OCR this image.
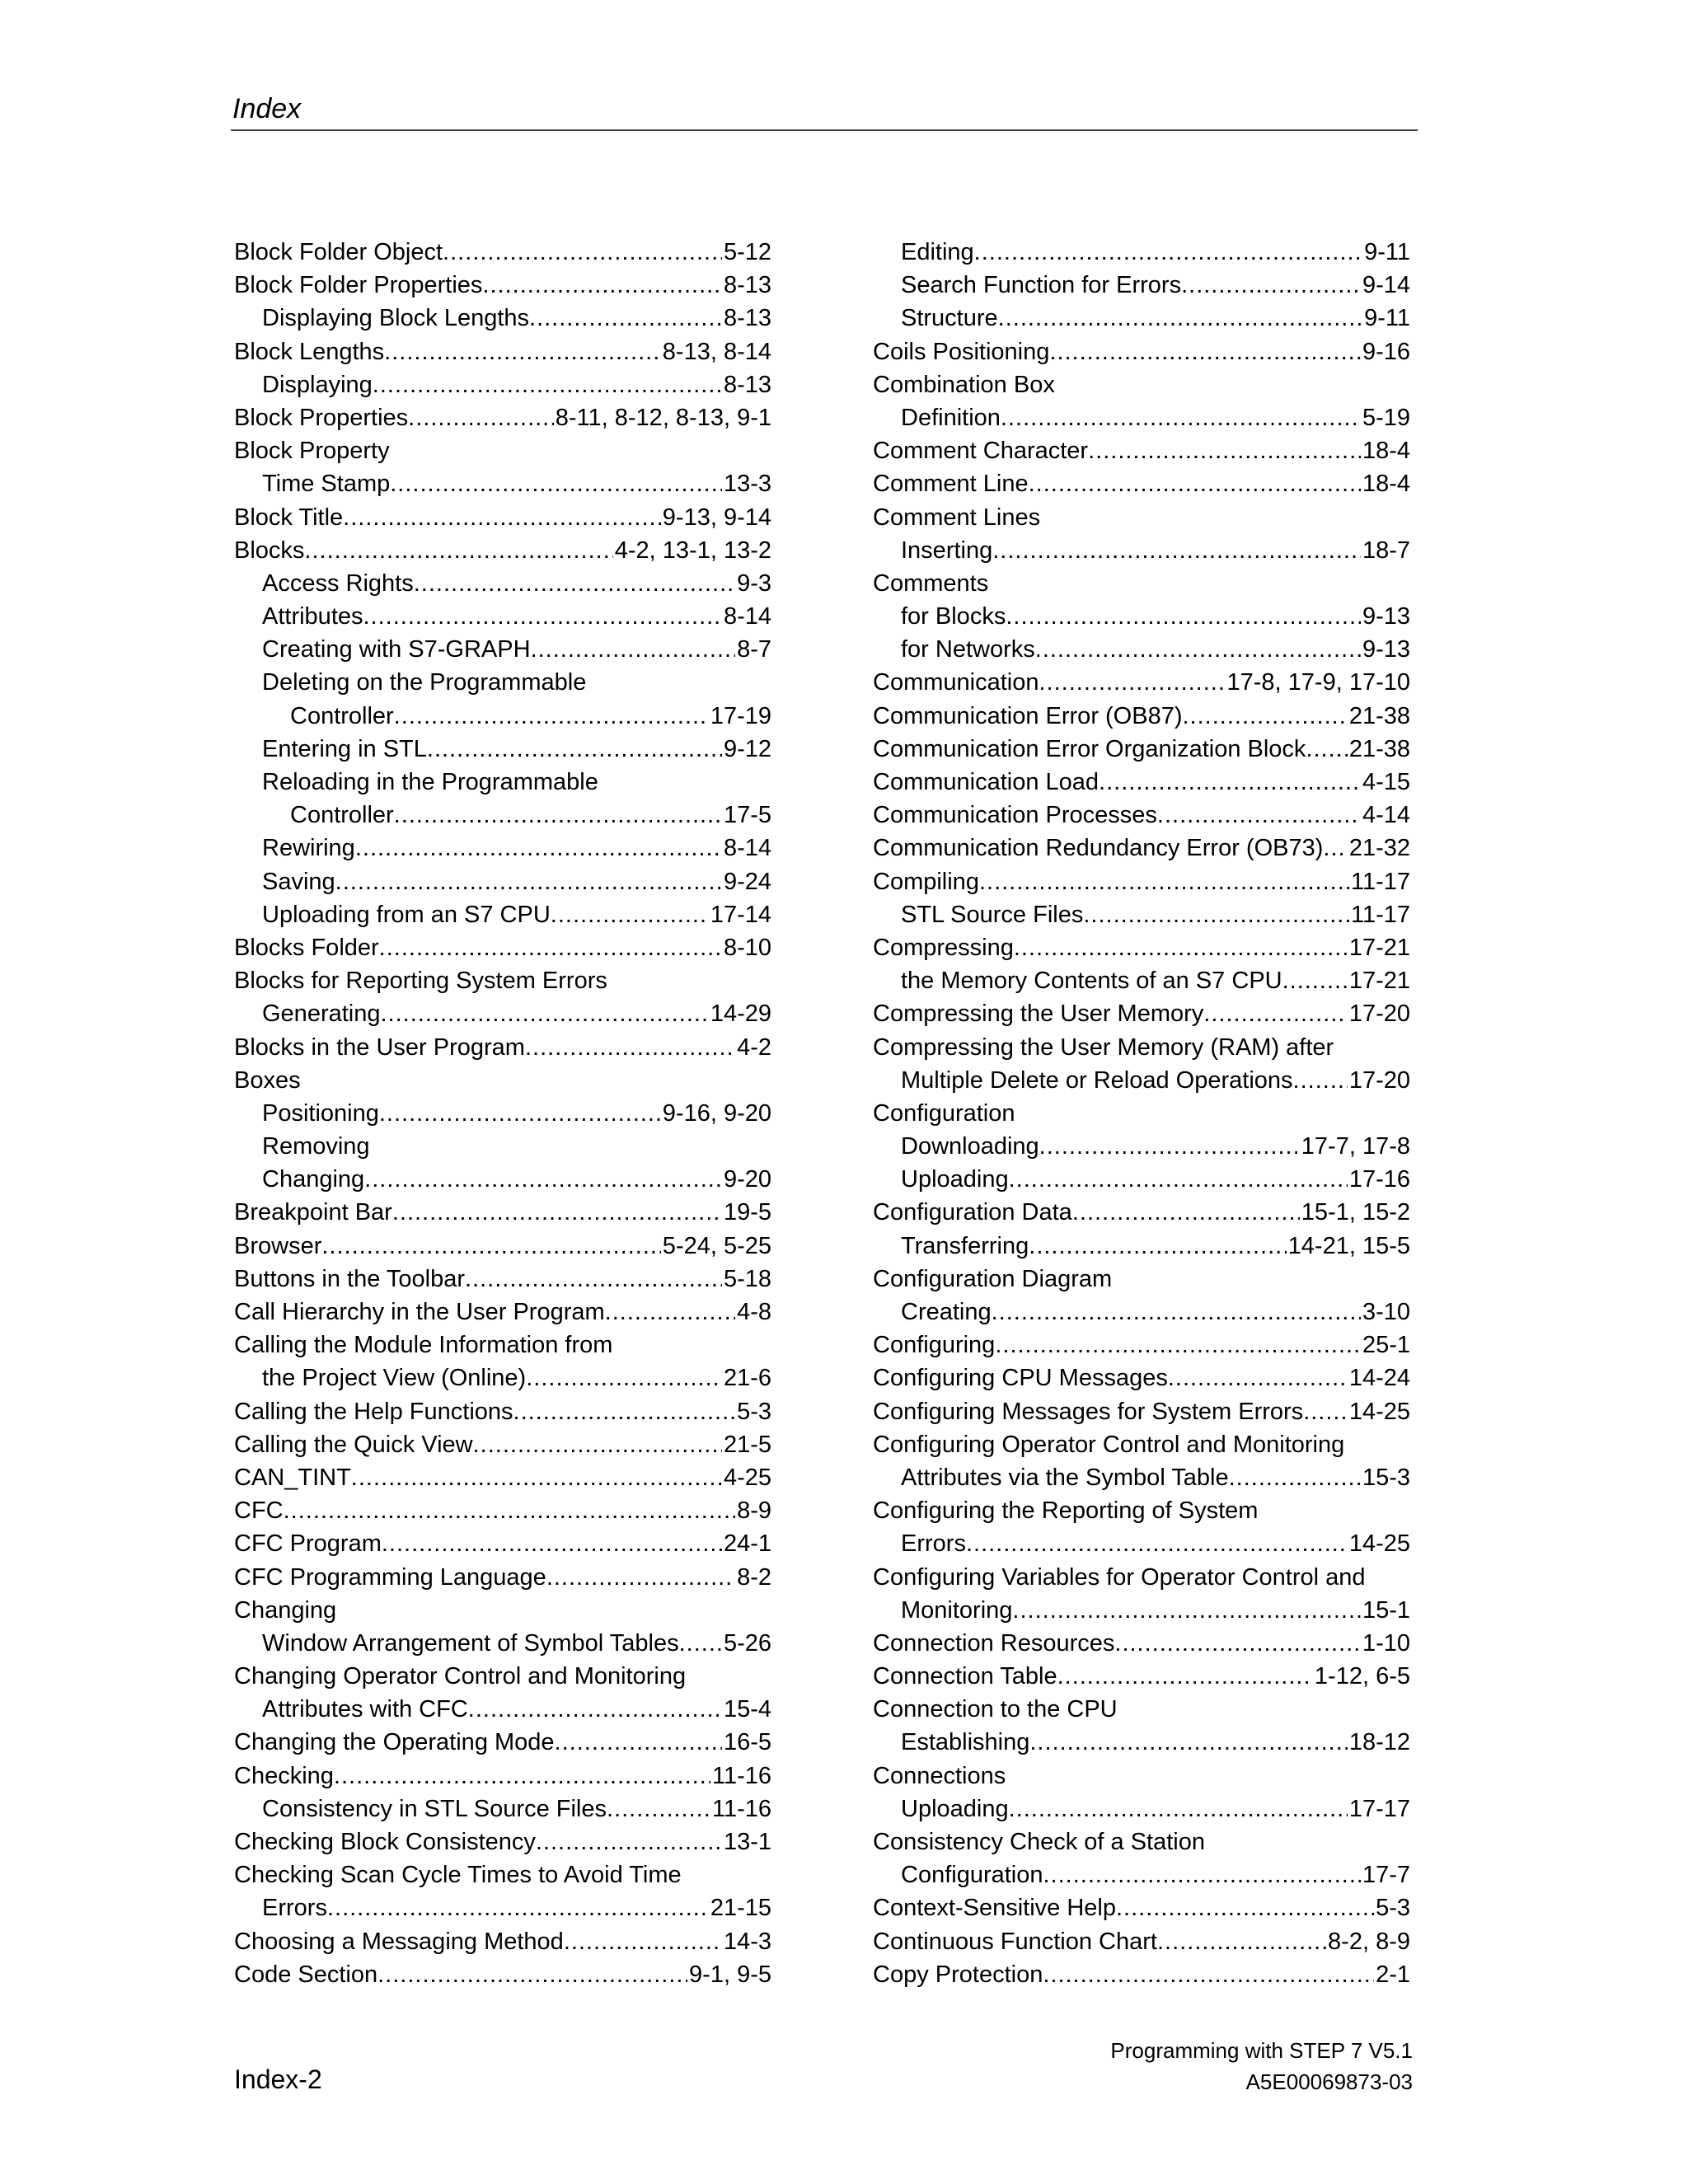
Index
Block Folder Object .....	5-12
Block Folder Properties .....	8-13
Displaying Block Lengths .....	8-13
Block Lengths .....	8-13, 8-14
Displaying .....	8-13
Block Properties .....	8-11, 8-12, 8-13, 9-1
Block Property
Time Stamp .....	13-3
Block Title .....	9-13, 9-14
Blocks .....	4-2, 13-1, 13-2
Access Rights .....	9-3
Attributes .....	8-14
Creating with S7-GRAPH .....	8-7
Deleting on the Programmable
Controller .....	17-19
Entering in STL .....	9-12
Reloading in the Programmable
Controller .....	17-5
Rewiring .....	8-14
Saving .....	9-24
Uploading from an S7 CPU .....	17-14
Blocks Folder .....	8-10
Blocks for Reporting System Errors
Generating .....	14-29
Blocks in the User Program .....	4-2
Boxes
Positioning .....	9-16, 9-20
Removing
Changing .....	9-20
Breakpoint Bar .....	19-5
Browser .....	5-24, 5-25
Buttons in the Toolbar .....	5-18
Call Hierarchy in the User Program .....	4-8
Calling the Module Information from
the Project View (Online) .....	21-6
Calling the Help Functions .....	5-3
Calling the Quick View .....	21-5
CAN_TINT .....	4-25
CFC .....	8-9
CFC Program .....	24-1
CFC Programming Language .....	8-2
Changing
Window Arrangement of Symbol Tables ..... 5-26
Changing Operator Control and Monitoring
Attributes with CFC .....	15-4
Changing the Operating Mode .....	16-5
Checking .....	11-16
Consistency in STL Source Files .....	11-16
Checking Block Consistency .....	13-1
Checking Scan Cycle Times to Avoid Time
Errors .....	21-15
Choosing a Messaging Method .....	14-3
Code Section .....	9-1, 9-5
Editing .....	9-11
Search Function for Errors .....	9-14
Structure .....	9-11
Coils Positioning .....	9-16
Combination Box
Definition .....	5-19
Comment Character .....	18-4
Comment Line .....	18-4
Comment Lines
Inserting .....	18-7
Comments
for Blocks .....	9-13
for Networks .....	9-13
Communication .....	17-8, 17-9, 17-10
Communication Error (OB87) .....	21-38
Communication Error Organization Block ..... 21-38
Communication Load .....	4-15
Communication Processes .....	4-14
Communication Redundancy Error (OB73) ..... 21-32
Compiling .....	11-17
STL Source Files .....	11-17
Compressing .....	17-21
the Memory Contents of an S7 CPU .....	17-21
Compressing the User Memory .....	17-20
Compressing the User Memory (RAM) after
Multiple Delete or Reload Operations ..... 17-20
Configuration
Downloading .....	17-7, 17-8
Uploading .....	17-16
Configuration Data .....	15-1, 15-2
Transferring .....	14-21, 15-5
Configuration Diagram
Creating .....	3-10
Configuring .....	25-1
Configuring CPU Messages .....	14-24
Configuring Messages for System Errors ..... 14-25
Configuring Operator Control and Monitoring
Attributes via the Symbol Table .....	15-3
Configuring the Reporting of System
Errors .....	14-25
Configuring Variables for Operator Control and
Monitoring .....	15-1
Connection Resources .....	1-10
Connection Table .....	1-12, 6-5
Connection to the CPU
Establishing .....	18-12
Connections
Uploading .....	17-17
Consistency Check of a Station
Configuration .....	17-7
Context-Sensitive Help .....	5-3
Continuous Function Chart .....	8-2, 8-9
Copy Protection .....	2-1
Programming with STEP 7 V5.1
A5E00069873-03
Index-2
